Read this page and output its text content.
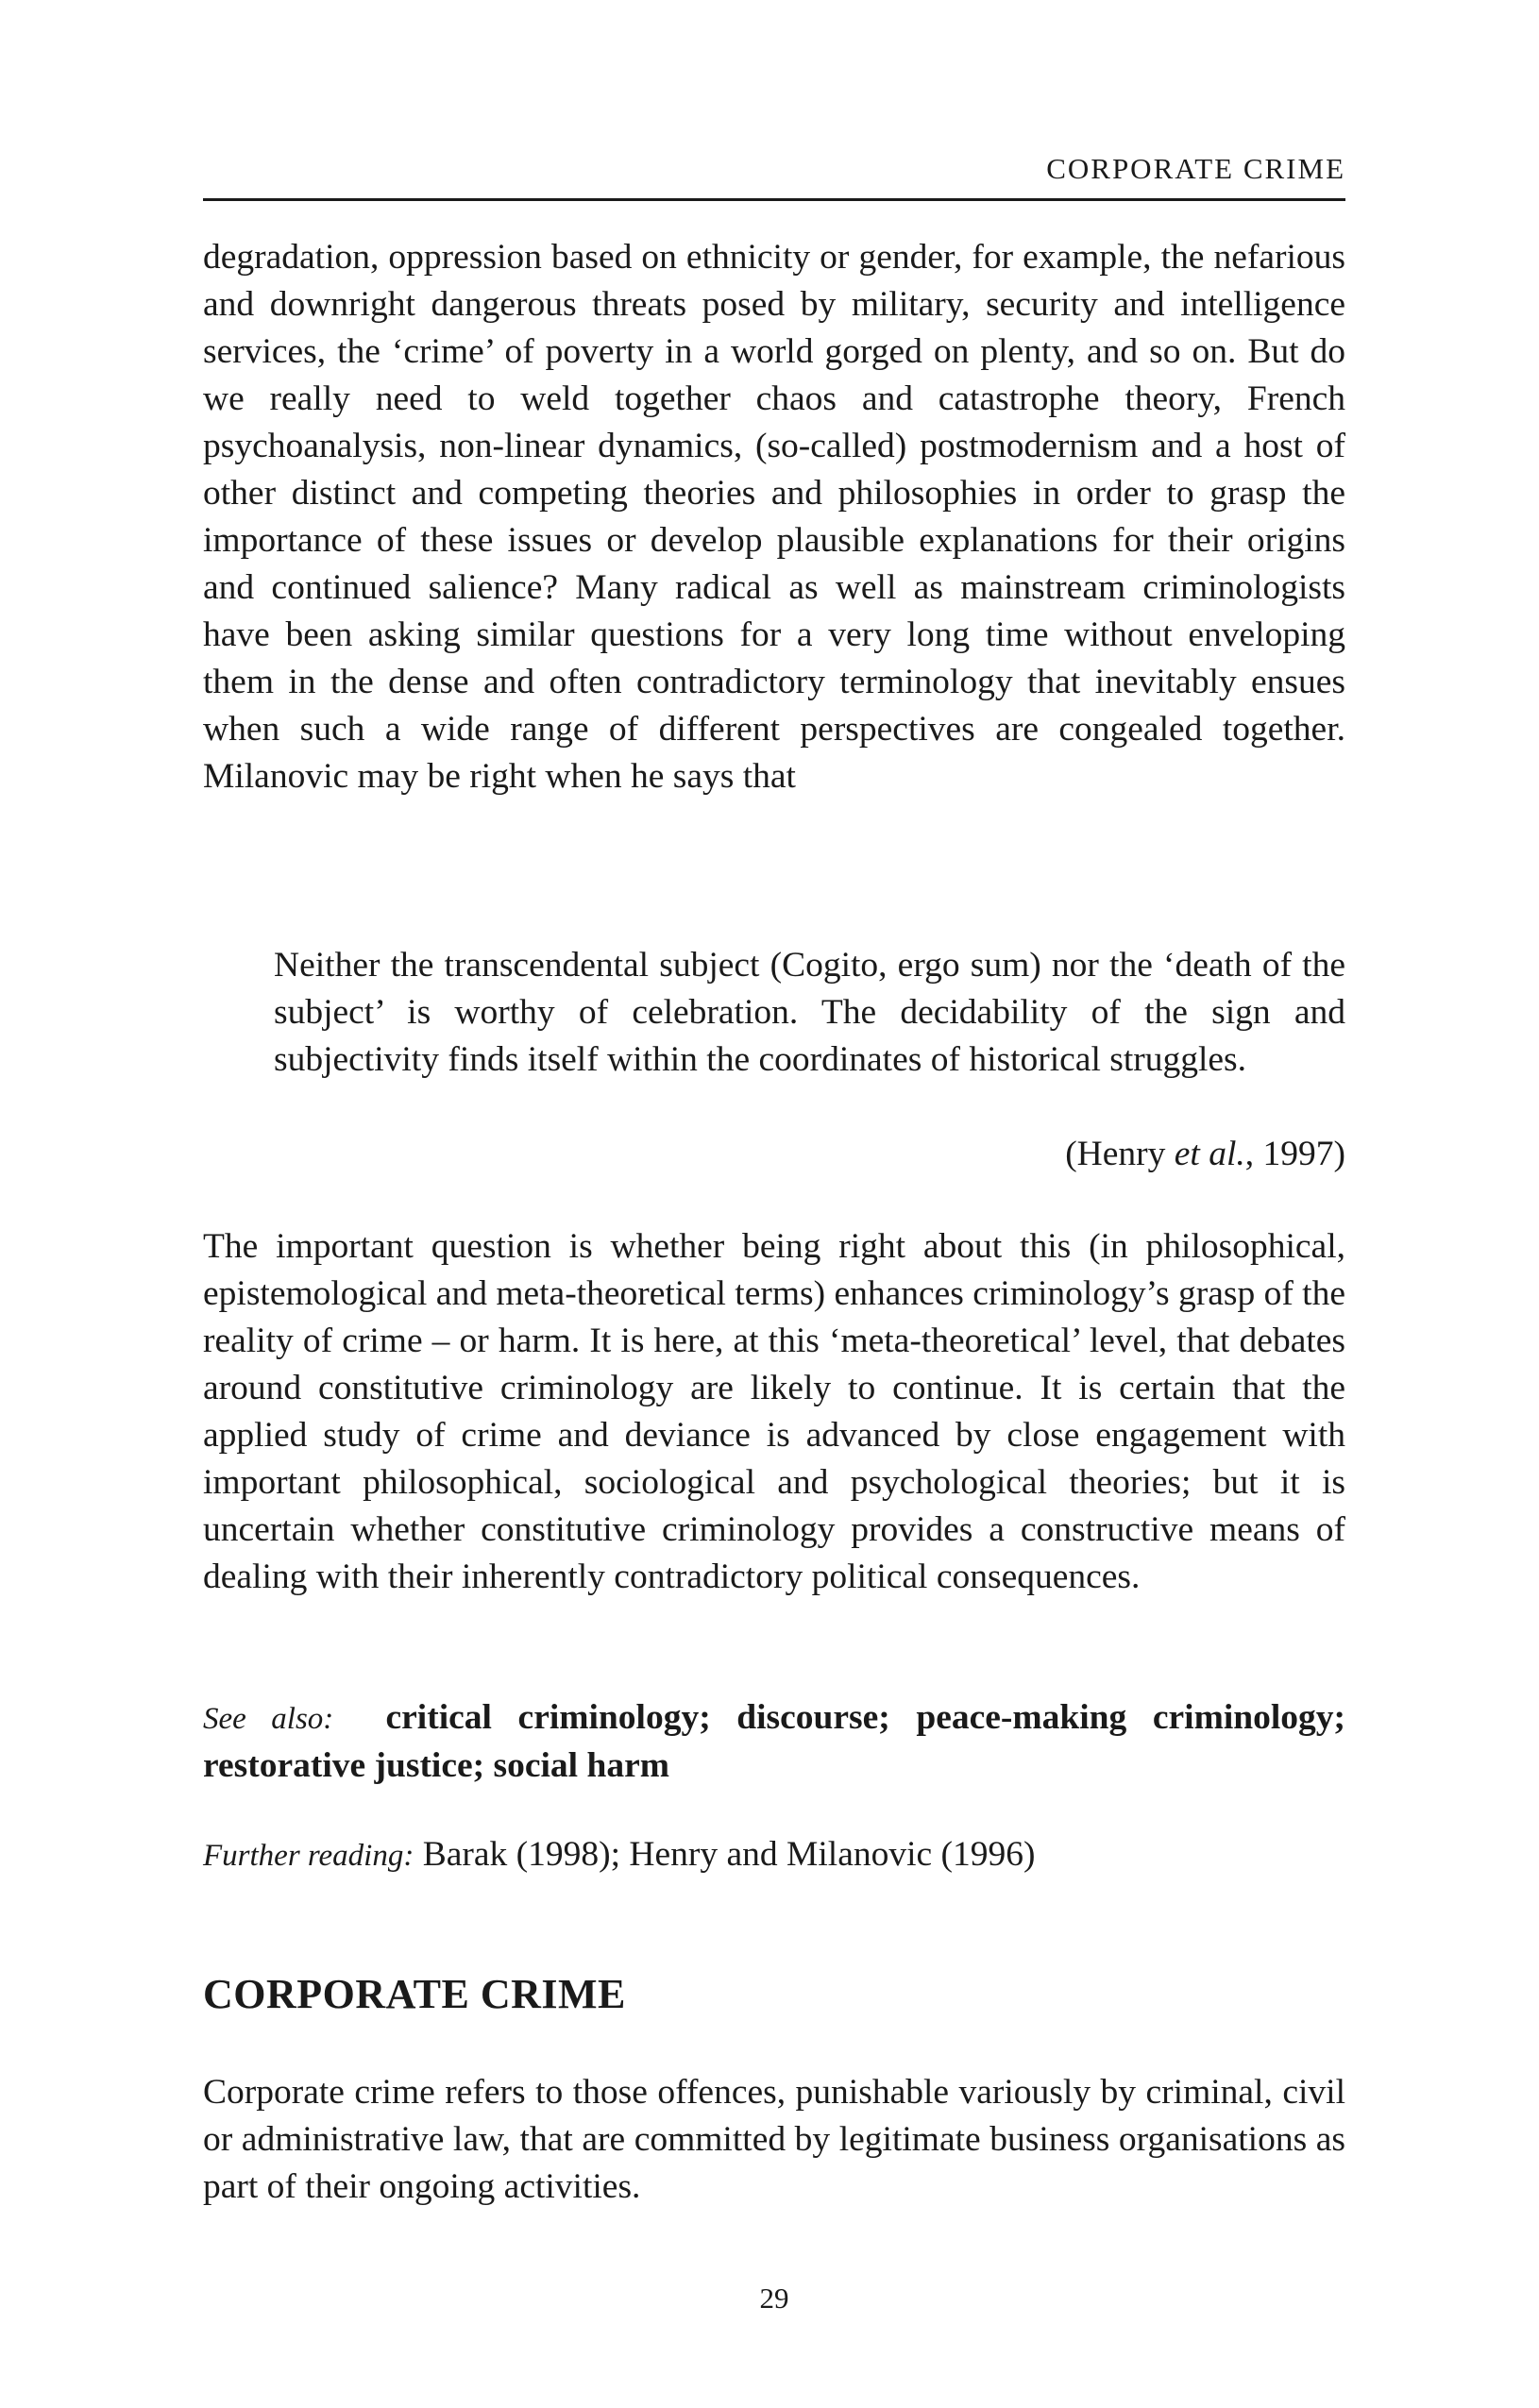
CORPORATE CRIME

degradation, oppression based on ethnicity or gender, for example, the nefarious and downright dangerous threats posed by military, security and intelligence services, the ‘crime’ of poverty in a world gorged on plenty, and so on. But do we really need to weld together chaos and catastrophe theory, French psychoanalysis, non-linear dynamics, (so-called) postmodernism and a host of other distinct and competing theories and philosophies in order to grasp the importance of these issues or develop plausible explanations for their origins and continued salience? Many radical as well as mainstream criminologists have been asking similar questions for a very long time without enveloping them in the dense and often contradictory terminology that inevitably ensues when such a wide range of different perspectives are congealed together. Milanovic may be right when he says that

Neither the transcendental subject (Cogito, ergo sum) nor the ‘death of the subject’ is worthy of celebration. The decidability of the sign and subjectivity finds itself within the coordinates of historical struggles.

(Henry et al., 1997)

The important question is whether being right about this (in philosophical, epistemological and meta-theoretical terms) enhances criminology’s grasp of the reality of crime – or harm. It is here, at this ‘meta-theoretical’ level, that debates around constitutive criminology are likely to continue. It is certain that the applied study of crime and deviance is advanced by close engagement with important philosophical, sociological and psychological theories; but it is uncertain whether constitutive criminology provides a constructive means of dealing with their inherently contradictory political consequences.

See also: critical criminology; discourse; peace-making criminology; restorative justice; social harm

Further reading: Barak (1998); Henry and Milanovic (1996)

CORPORATE CRIME

Corporate crime refers to those offences, punishable variously by criminal, civil or administrative law, that are committed by legitimate business organisations as part of their ongoing activities.

29
